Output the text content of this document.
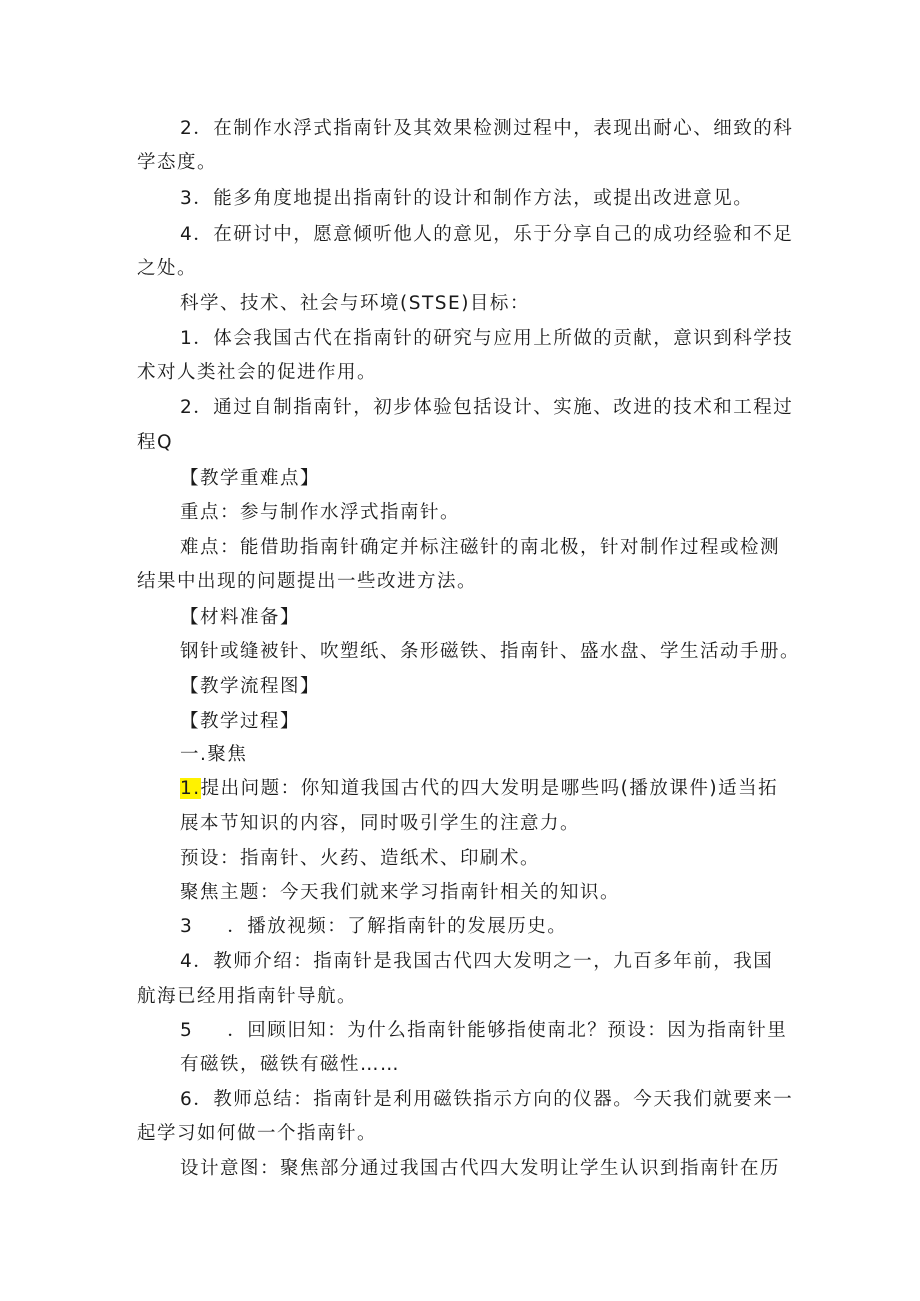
2．在制作水浮式指南针及其效果检测过程中，表现出耐心、细致的科

学态度。

3．能多角度地提出指南针的设计和制作方法，或提出改进意见。

4．在研讨中，愿意倾听他人的意见，乐于分享自己的成功经验和不足

之处。

科学、技术、社会与环境(STSE)目标：

1．体会我国古代在指南针的研究与应用上所做的贡献，意识到科学技

术对人类社会的促进作用。

2．通过自制指南针，初步体验包括设计、实施、改进的技术和工程过

程Q

【教学重难点】

重点：参与制作水浮式指南针。

难点：能借助指南针确定并标注磁针的南北极，针对制作过程或检测

结果中出现的问题提出一些改进方法。

【材料准备】

钢针或缝被针、吹塑纸、条形磁铁、指南针、盛水盘、学生活动手册。

【教学流程图】

【教学过程】

一.聚焦

1.提出问题：你知道我国古代的四大发明是哪些吗(播放课件)适当拓

展本节知识的内容，同时吸引学生的注意力。

预设：指南针、火药、造纸术、印刷术。

聚焦主题：今天我们就来学习指南针相关的知识。

3 ．播放视频：了解指南针的发展历史。

4．教师介绍：指南针是我国古代四大发明之一，九百多年前，我国

航海已经用指南针导航。

5 ．回顾旧知：为什么指南针能够指使南北？预设：因为指南针里

有磁铁，磁铁有磁性……

6．教师总结：指南针是利用磁铁指示方向的仪器。今天我们就要来一

起学习如何做一个指南针。

设计意图：聚焦部分通过我国古代四大发明让学生认识到指南针在历
